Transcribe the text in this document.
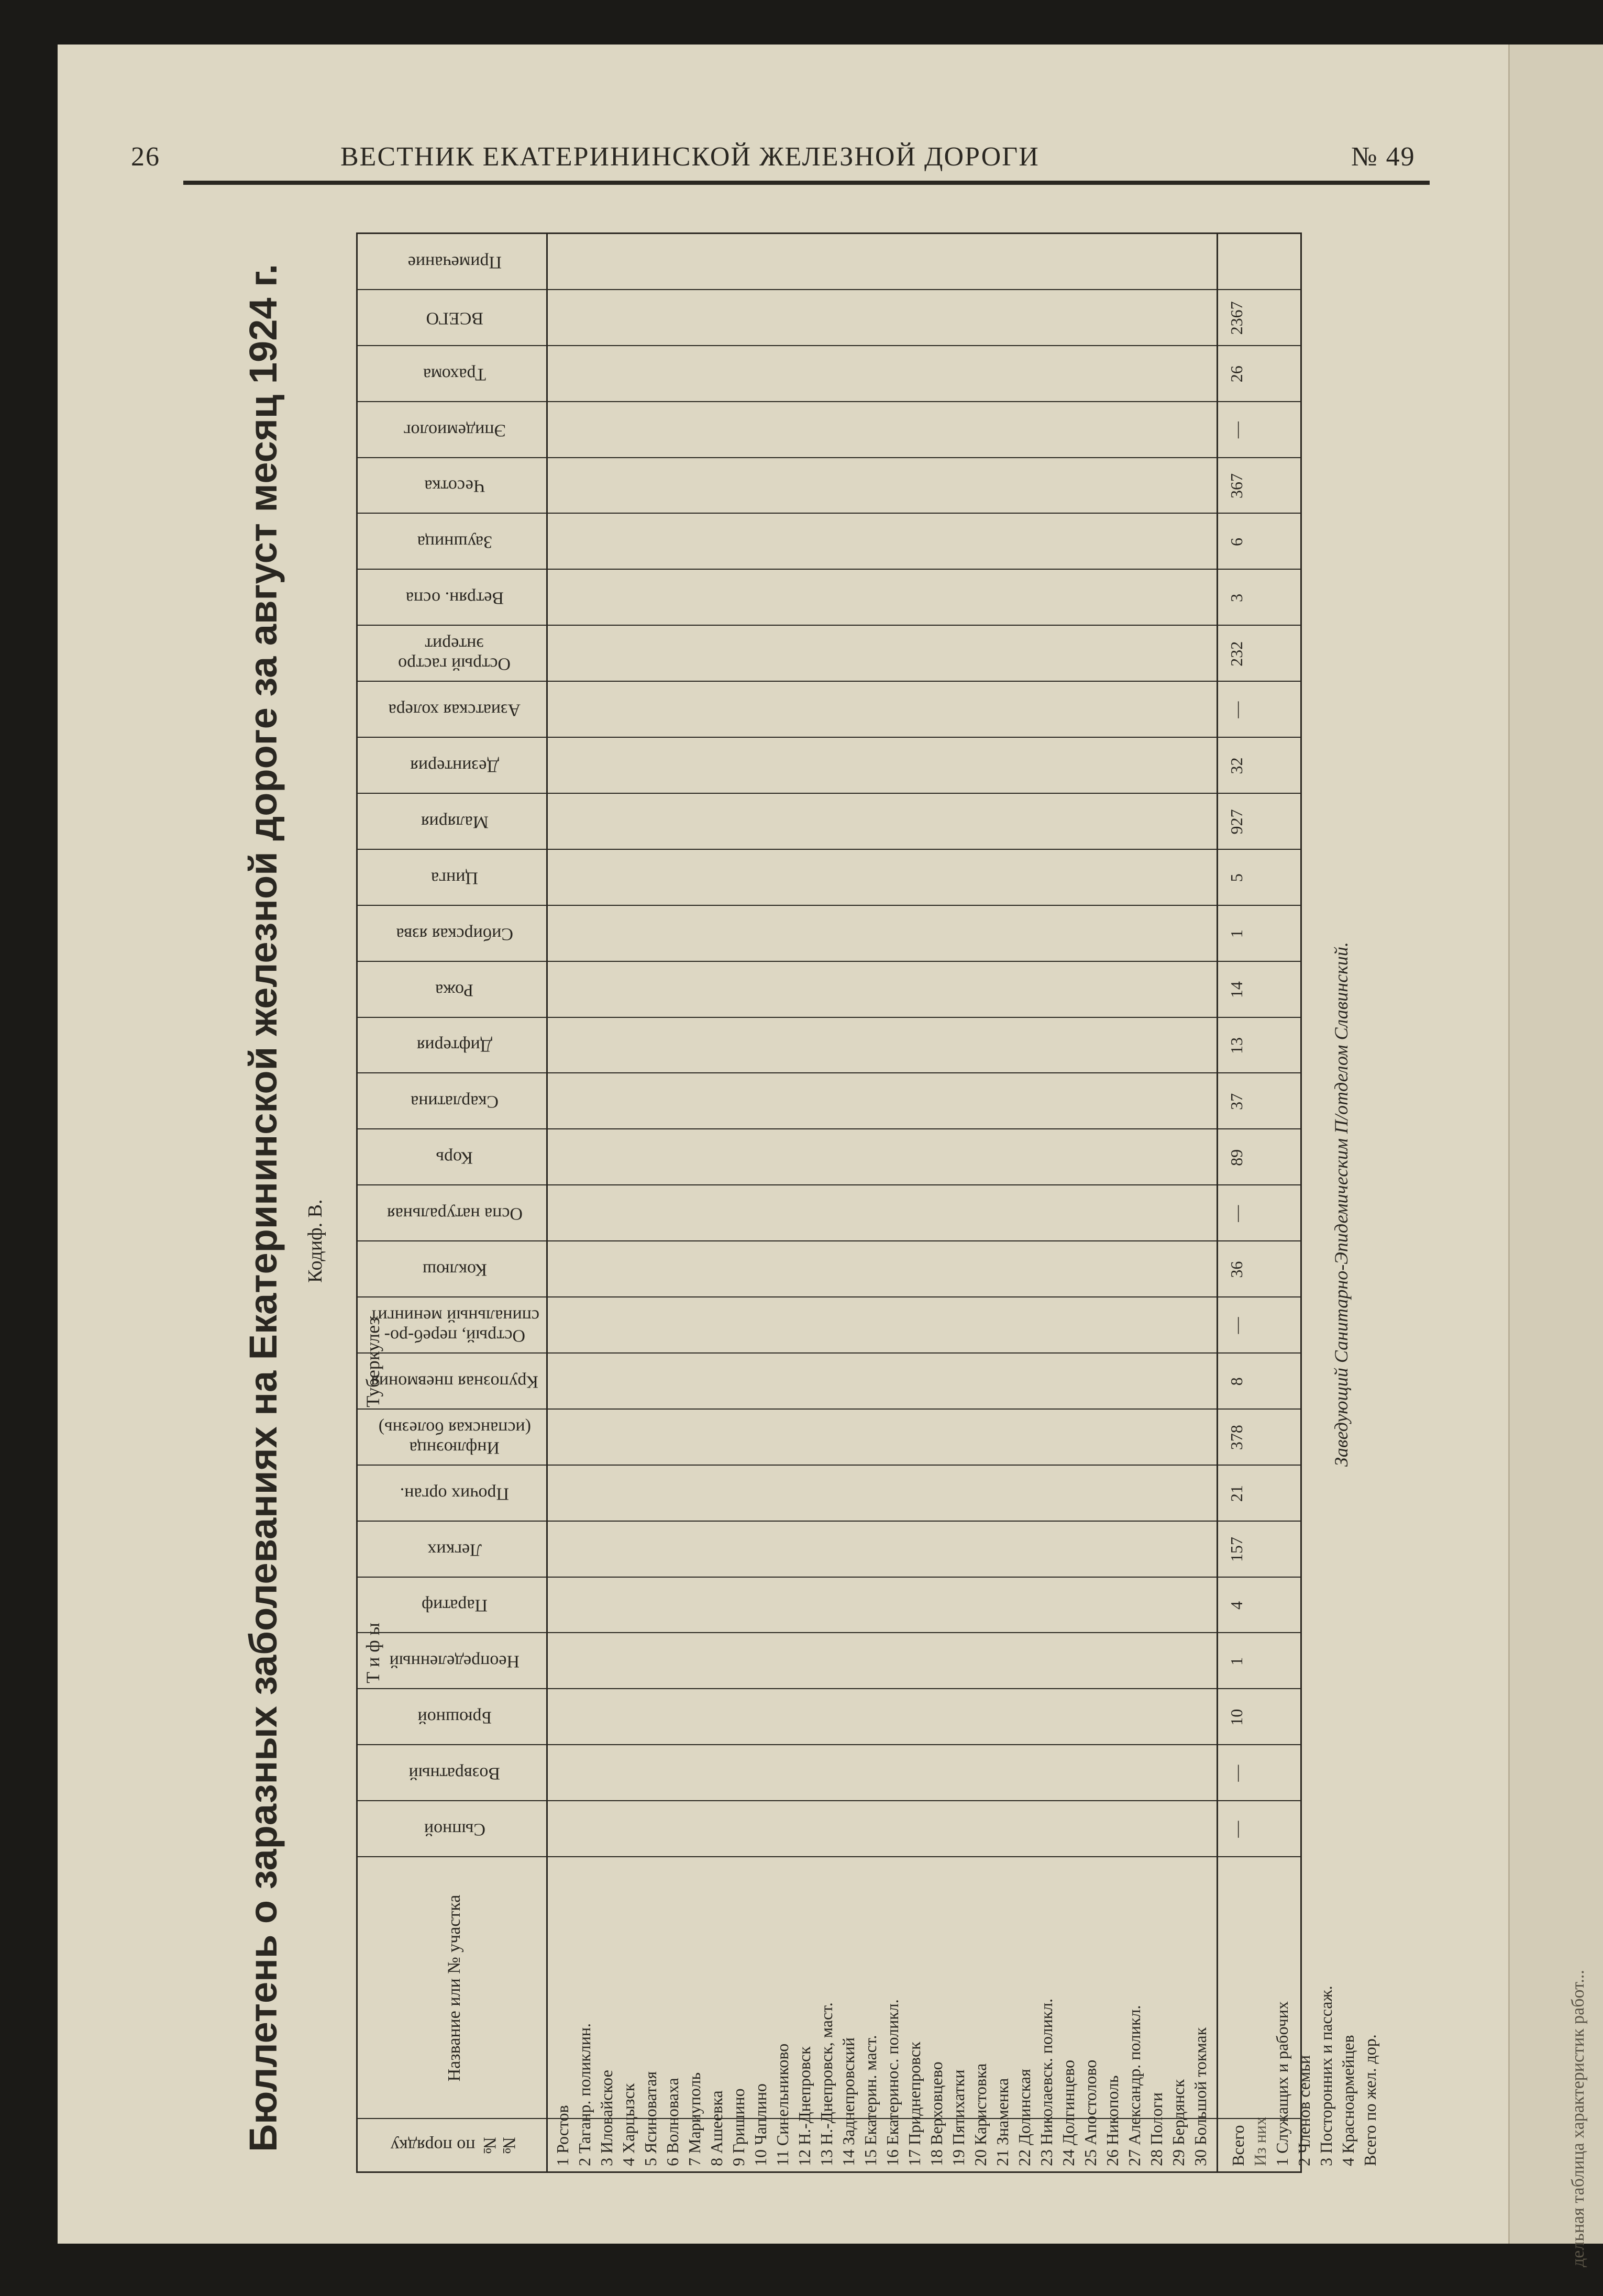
дельная таблица характеристик работ...
26	ВЕСТНИК ЕКАТЕРИНИНСКОЙ ЖЕЛЕЗНОЙ ДОРОГИ	№ 49
Бюллетень о заразных заболеваниях на Екатерининской железной дороге за август месяц 1924 г. Кодиф. В.
Т и ф ы
Туберкулез
№№ по порядку
Название или № участка
Сыпной
Возвратный
Брюшной
Неопределенный
Паратиф
Легких
Прочих орган.
Инфлюэнца (испанская болезнь)
Крупозная пневмония
Острый, переб-ро-спинальный менингит
Коклюш
Оспа натуральная
Корь
Скарлатина
Дифтерия
Рожа
Сибирская язва
Цинга
Малярия
Дезинтерия
Азиатская холера
Острый гастро энтерит
Ветрян. оспа
Заушница
Чесотка
Эпидемиолог
Трахома
ВСЕГО
Примечание
1 Ростов 2 Таганр. поликлин. 3 Иловайское 4 Харцызск 5 Ясиноватая 6 Волноваха 7 Мариуполь 8 Ашеевка 9 Гришино 10 Чаплино 11 Синельниково 12 Н.-Днепровск 13 Н.-Днепровск, маст. 14 Заднепровский 15 Екатерин. маст. 16 Екатеринос. поликл. 17 Приднепровск 18 Верховцево 19 Пятихатки 20 Каристовка 21 Знаменка 22 Долинская 23 Николаевск. поликл. 24 Долгинцево 25 Апостолово 26 Никополь 27 Александр. поликл. 28 Пологи 29 Бердянск 30 Большой токмак Всего Из них 1 Служащих и рабочих 2 Членов семьи 3 Посторонних и пассаж. 4 Красноармейцев Всего по жел. дор.
—
—
10
1
4
157
21
378
8
—
36
—
89
37
13
14
1
5
927
32
—
232
3
6
367
—
26
2367
Заведующий Санитарно-Эпидемическим П/отделом Славинский.
